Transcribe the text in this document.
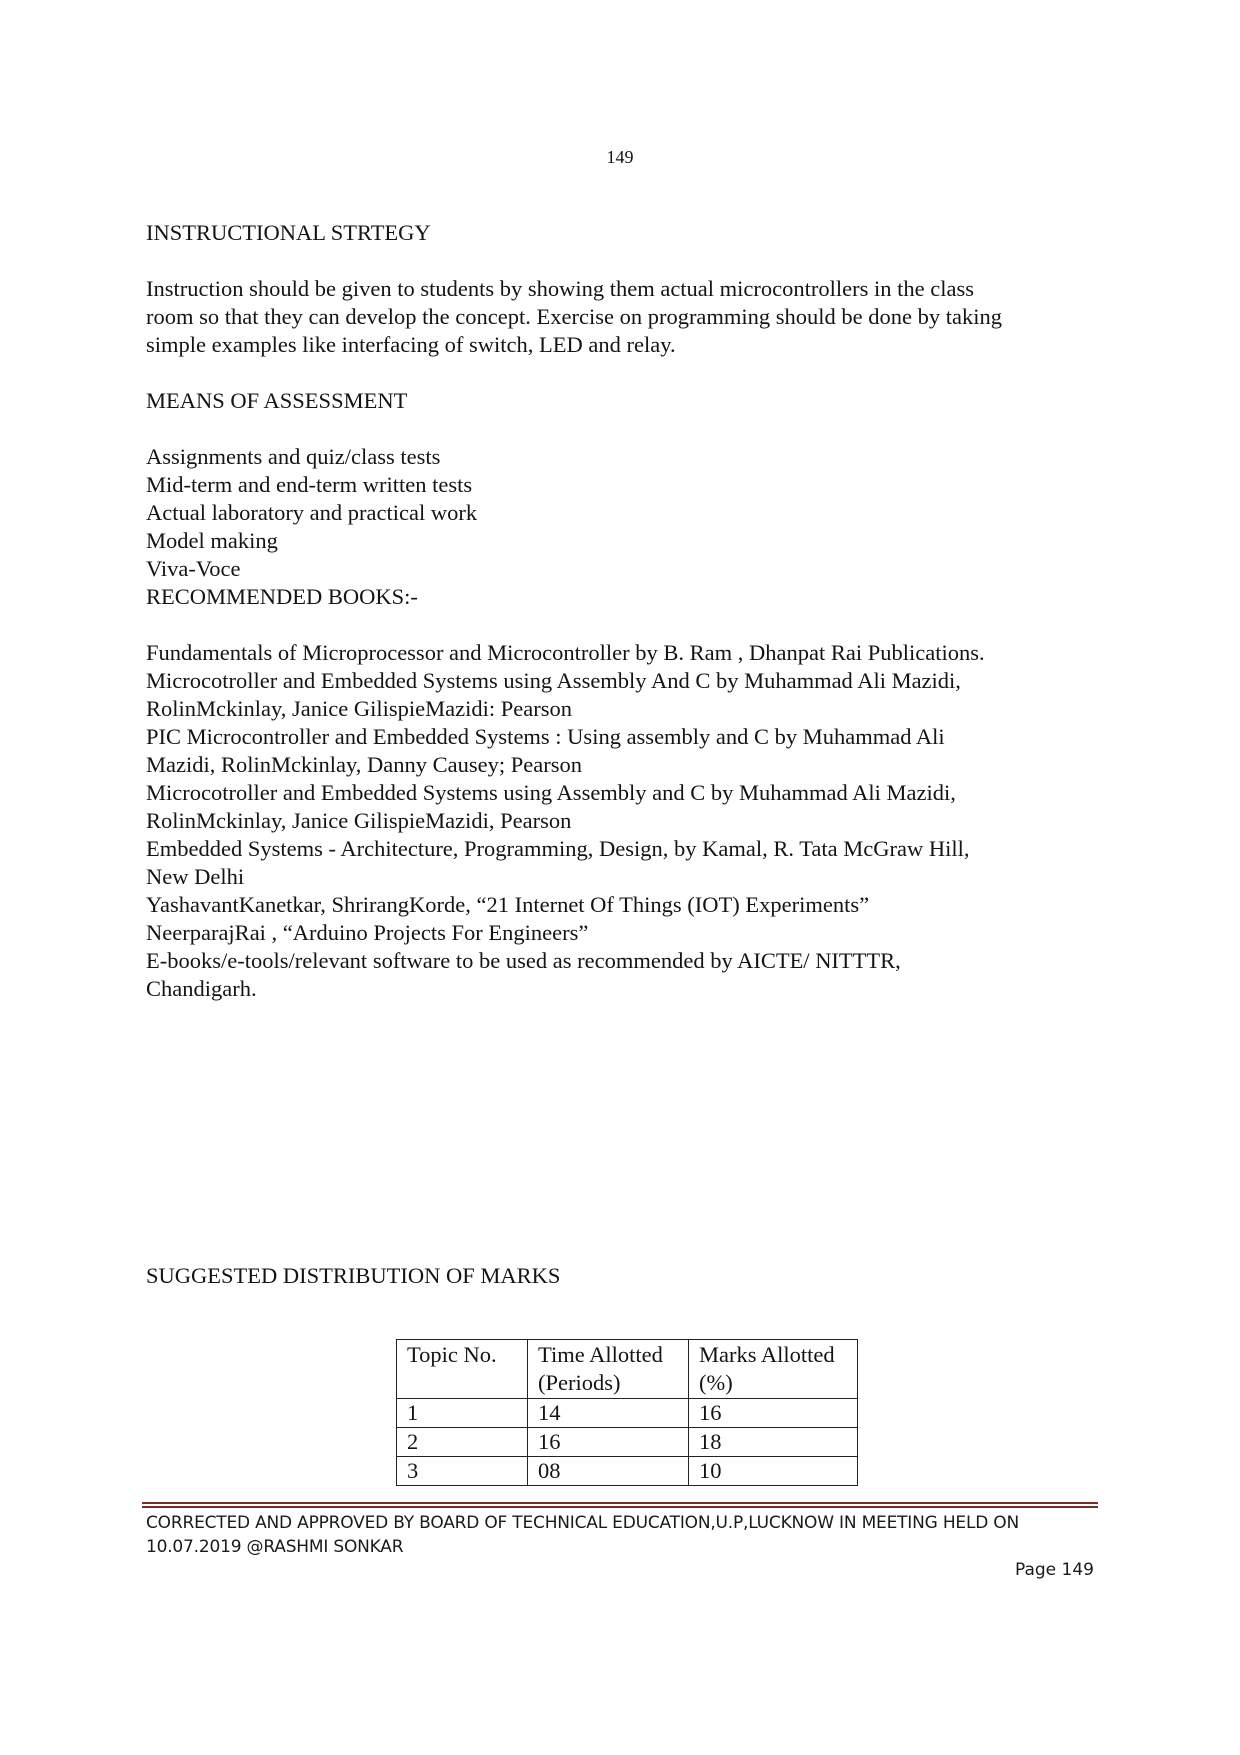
149
INSTRUCTIONAL STRTEGY

Instruction should be given to students by showing them actual microcontrollers in the class
room so that they can develop the concept. Exercise on programming should be done by taking
simple examples like interfacing of switch, LED and relay.

MEANS OF ASSESSMENT
Assignments and quiz/class tests
Mid-term and end-term written tests
Actual laboratory and practical work
Model making
Viva-Voce
RECOMMENDED BOOKS:-
Fundamentals of Microprocessor and Microcontroller by B. Ram , Dhanpat Rai Publications.
Microcotroller and Embedded Systems using Assembly And C by Muhammad Ali Mazidi,
RolinMckinlay, Janice GilispieMazidi: Pearson
PIC Microcontroller and Embedded Systems : Using assembly and C by Muhammad Ali
Mazidi, RolinMckinlay, Danny Causey; Pearson
Microcotroller and Embedded Systems using Assembly and C by Muhammad Ali Mazidi,
RolinMckinlay, Janice GilispieMazidi, Pearson
Embedded Systems - Architecture, Programming, Design, by Kamal, R. Tata McGraw Hill,
New Delhi
YashavantKanetkar, ShrirangKorde, “21 Internet Of Things (IOT) Experiments”
NeerparajRai , “Arduino Projects For Engineers”
E-books/e-tools/relevant software to be used as recommended by AICTE/ NITTTR,
Chandigarh.
SUGGESTED DISTRIBUTION OF MARKS
Topic No.	Time Allotted (Periods)	Marks Allotted (%)
1	14	16
2	16	18
3	08	10
CORRECTED AND APPROVED BY BOARD OF TECHNICAL EDUCATION,U.P,LUCKNOW IN MEETING HELD ON 10.07.2019 @RASHMI SONKAR
Page 149
